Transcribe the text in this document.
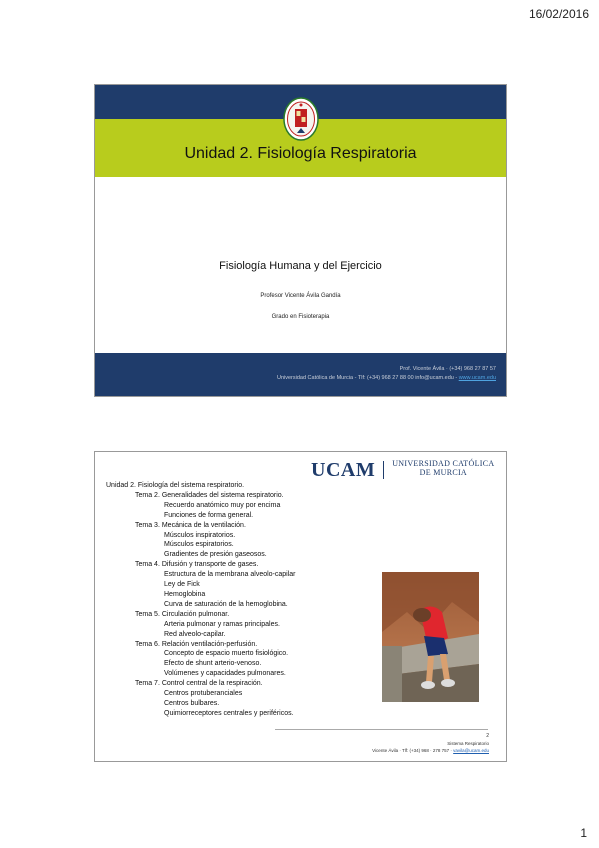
16/02/2016
Unidad 2. Fisiología Respiratoria
Fisiología Humana y del Ejercicio
Profesor Vicente Ávila Gandía
Grado en Fisioterapia
Prof. Vicente Ávila · (+34) 968 27 87 57
Universidad Católica de Murcia - Tlf: (+34) 968 27 88 00 info@ucam.edu - www.ucam.edu
UCAM UNIVERSIDAD CATÓLICA
DE MURCIA
Unidad 2. Fisiología del sistema respiratorio.
Tema 2. Generalidades del sistema respiratorio.
Recuerdo anatómico muy por encima
Funciones de forma general.
Tema 3. Mecánica de la ventilación.
Músculos inspiratorios.
Músculos espiratorios.
Gradientes de presión gaseosos.
Tema 4. Difusión y transporte de gases.
Estructura de la membrana alveolo-capilar
Ley de Fick
Hemoglobina
Curva de saturación de la hemoglobina.
Tema 5. Circulación pulmonar.
Arteria pulmonar y ramas principales.
Red alveolo-capilar.
Tema 6. Relación ventilación-perfusión.
Concepto de espacio muerto fisiológico.
Efecto de shunt arterio-venoso.
Volúmenes y capacidades pulmonares.
Tema 7. Control central de la respiración.
Centros protuberanciales
Centros bulbares.
Quimiorreceptores centrales y periféricos.
2
Sistema Respiratorio
Vicente Ávila · Tlf: (+34) 968 · 278 757 · vavila@ucam.edu
1
